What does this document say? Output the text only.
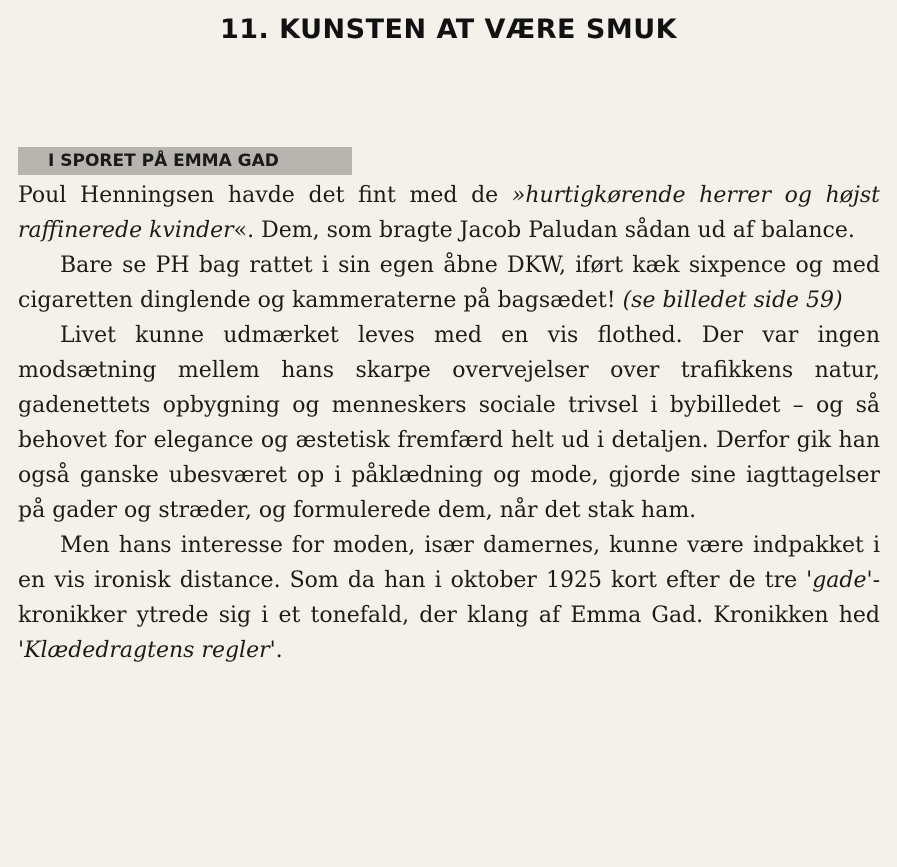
11. KUNSTEN AT VÆRE SMUK
I SPORET PÅ EMMA GAD

Poul Henningsen havde det fint med de »hurtigkørende herrer og højst raffinerede kvinder«. Dem, som bragte Jacob Paludan sådan ud af balance.

Bare se PH bag rattet i sin egen åbne DKW, iført kæk sixpence og med cigaretten dinglende og kammeraterne på bagsædet! (se billedet side 59)

Livet kunne udmærket leves med en vis flothed. Der var ingen modsætning mellem hans skarpe overvejelser over trafikkens natur, gadenettets opbygning og menneskers sociale trivsel i bybilledet – og så behovet for elegance og æstetisk fremfærd helt ud i detaljen. Derfor gik han også ganske ubesværet op i påklædning og mode, gjorde sine iagttagelser på gader og stræder, og formulerede dem, når det stak ham.

Men hans interesse for moden, især damernes, kunne være indpakket i en vis ironisk distance. Som da han i oktober 1925 kort efter de tre 'gade'-kronikker ytrede sig i et tonefald, der klang af Emma Gad. Kronikken hed 'Klædedragtens regler'.
